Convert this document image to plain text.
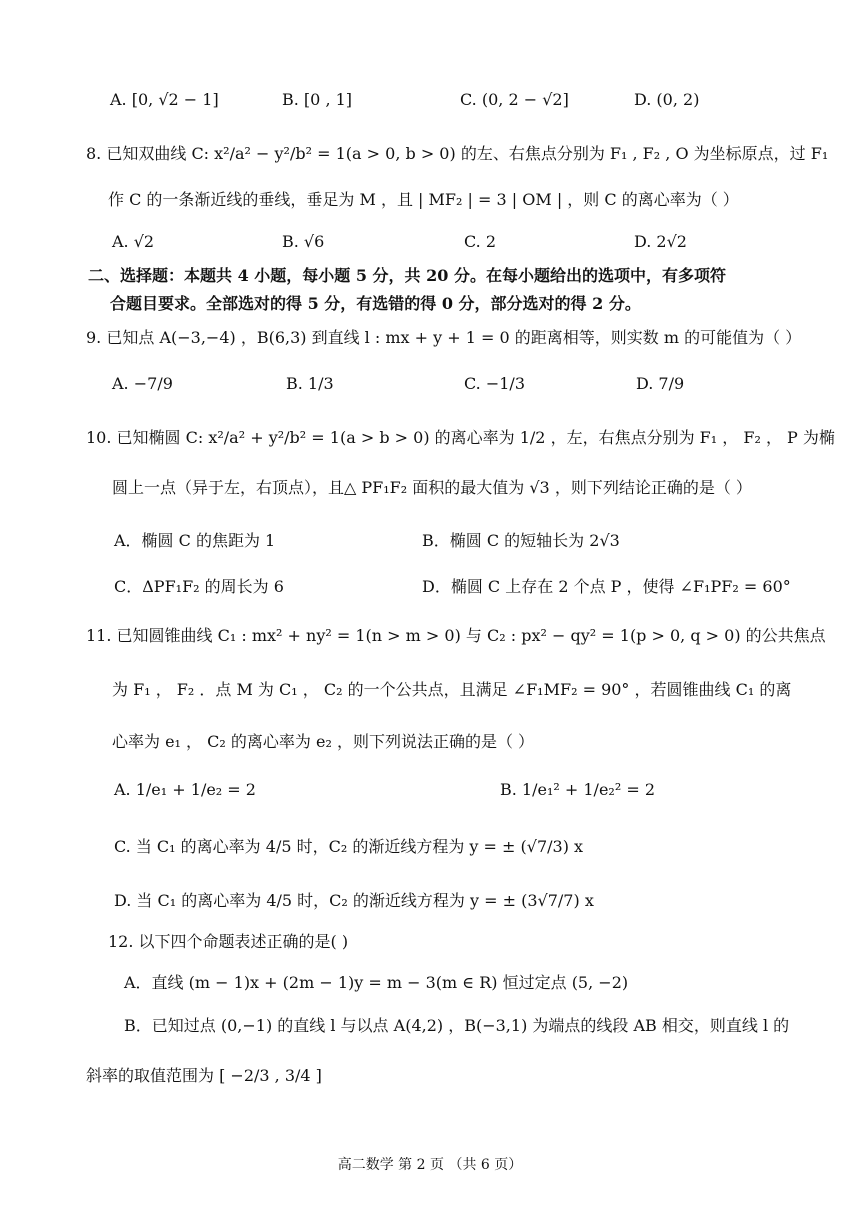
A. [0, √2 − 1]	B. [0 , 1]	C. (0, 2 − √2]	D. (0, 2)
8. 已知双曲线 C: x²/a² − y²/b² = 1(a > 0, b > 0) 的左、右焦点分别为 F₁ , F₂ , O 为坐标原点，过 F₁
作 C 的一条渐近线的垂线，垂足为 M ，且 | MF₂ | = 3 | OM | ，则 C 的离心率为（ ）
A. √2	B. √6	C. 2	D. 2√2
二、选择题：本题共 4 小题，每小题 5 分，共 20 分。在每小题给出的选项中，有多项符
合题目要求。全部选对的得 5 分，有选错的得 0 分，部分选对的得 2 分。
9. 已知点 A(−3,−4) ，B(6,3) 到直线 l : mx + y + 1 = 0 的距离相等，则实数 m 的可能值为（ ）
A. −7/9	B. 1/3	C. −1/3	D. 7/9
10. 已知椭圆 C: x²/a² + y²/b² = 1(a > b > 0) 的离心率为 1/2 ，左，右焦点分别为 F₁ ， F₂ ， P 为椭
圆上一点（异于左，右顶点），且△ PF₁F₂ 面积的最大值为 √3 ，则下列结论正确的是（ ）
A．椭圆 C 的焦距为 1	B．椭圆 C 的短轴长为 2√3
C．ΔPF₁F₂ 的周长为 6	D．椭圆 C 上存在 2 个点 P ，使得 ∠F₁PF₂ = 60°
11. 已知圆锥曲线 C₁ : mx² + ny² = 1(n > m > 0) 与 C₂ : px² − qy² = 1(p > 0, q > 0) 的公共焦点
为 F₁ ， F₂ ．点 M 为 C₁ ， C₂ 的一个公共点，且满足 ∠F₁MF₂ = 90° ，若圆锥曲线 C₁ 的离
心率为 e₁ ， C₂ 的离心率为 e₂ ，则下列说法正确的是（ ）
A. 1/e₁ + 1/e₂ = 2	B. 1/e₁² + 1/e₂² = 2
C. 当 C₁ 的离心率为 4/5 时，C₂ 的渐近线方程为 y = ± (√7/3) x
D. 当 C₁ 的离心率为 4/5 时，C₂ 的渐近线方程为 y = ± (3√7/7) x
12. 以下四个命题表述正确的是( )
A．直线 (m − 1)x + (2m − 1)y = m − 3(m ∈ R) 恒过定点 (5, −2)
B．已知过点 (0,−1) 的直线 l 与以点 A(4,2) ，B(−3,1) 为端点的线段 AB 相交，则直线 l 的
斜率的取值范围为 [ −2/3 , 3/4 ]
高二数学 第 2 页 （共 6 页）
